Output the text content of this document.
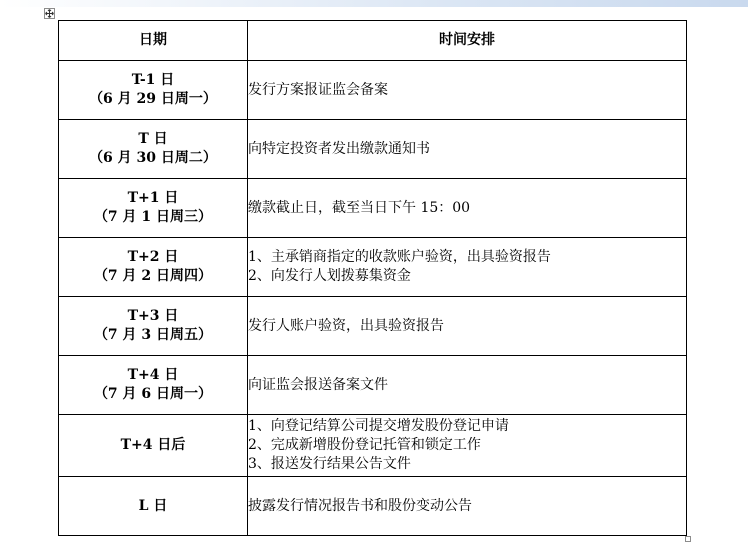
日期	时间安排

T-1 日
（6 月 29 日周一）	发行方案报证监会备案

T 日
（6 月 30 日周二）	向特定投资者发出缴款通知书

T+1 日
（7 月 1 日周三）	缴款截止日，截至当日下午 15：00

T+2 日
（7 月 2 日周四）	1、主承销商指定的收款账户验资，出具验资报告
2、向发行人划拨募集资金

T+3 日
（7 月 3 日周五）	发行人账户验资，出具验资报告

T+4 日
（7 月 6 日周一）	向证监会报送备案文件

T+4 日后	1、向登记结算公司提交增发股份登记申请
2、完成新增股份登记托管和锁定工作
3、报送发行结果公告文件

L 日	披露发行情况报告书和股份变动公告
